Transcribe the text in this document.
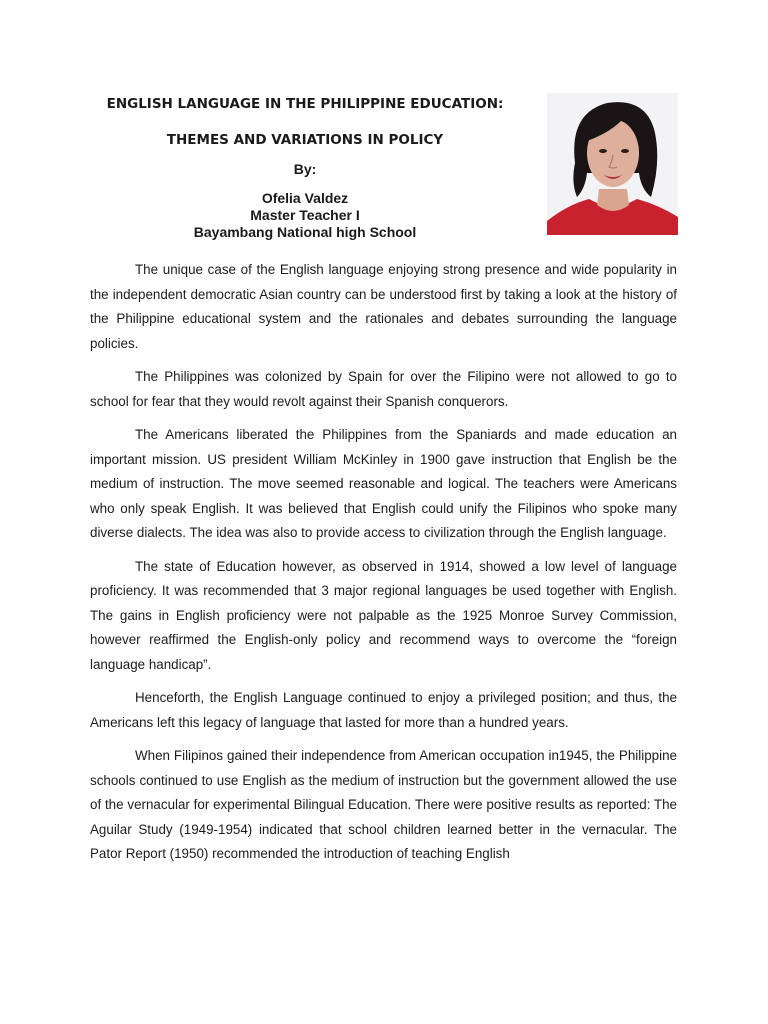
ENGLISH LANGUAGE IN THE PHILIPPINE EDUCATION:
THEMES AND VARIATIONS IN POLICY
By:
Ofelia Valdez
Master Teacher I
Bayambang National high School

The unique case of the English language enjoying strong presence and wide popularity in the independent democratic Asian country can be understood first by taking a look at the history of the Philippine educational system and the rationales and debates surrounding the language policies.

The Philippines was colonized by Spain for over the Filipino were not allowed to go to school for fear that they would revolt against their Spanish conquerors.

The Americans liberated the Philippines from the Spaniards and made education an important mission. US president William McKinley in 1900 gave instruction that English be the medium of instruction. The move seemed reasonable and logical. The teachers were Americans who only speak English. It was believed that English could unify the Filipinos who spoke many diverse dialects. The idea was also to provide access to civilization through the English language.

The state of Education however, as observed in 1914, showed a low level of language proficiency. It was recommended that 3 major regional languages be used together with English. The gains in English proficiency were not palpable as the 1925 Monroe Survey Commission, however reaffirmed the English-only policy and recommend ways to overcome the “foreign language handicap”.

Henceforth, the English Language continued to enjoy a privileged position; and thus, the Americans left this legacy of language that lasted for more than a hundred years.

When Filipinos gained their independence from American occupation in1945, the Philippine schools continued to use English as the medium of instruction but the government allowed the use of the vernacular for experimental Bilingual Education. There were positive results as reported: The Aguilar Study (1949-1954) indicated that school children learned better in the vernacular. The Pator Report (1950) recommended the introduction of teaching English
